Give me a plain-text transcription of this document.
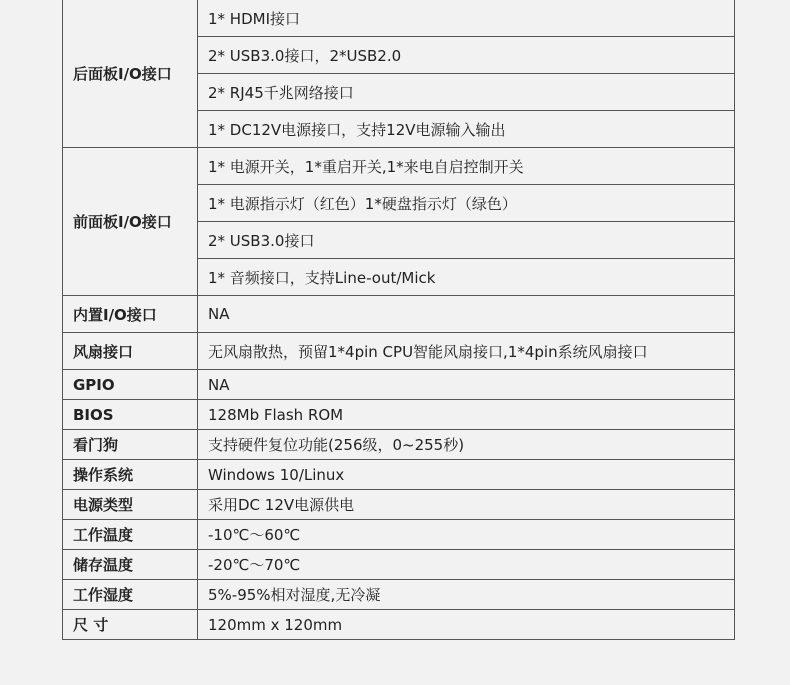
后面板I/O接口	1* HDMI接口
	2* USB3.0接口，2*USB2.0
	2* RJ45千兆网络接口
	1* DC12V电源接口，支持12V电源输入输出
前面板I/O接口	1* 电源开关，1*重启开关,1*来电自启控制开关
	1* 电源指示灯（红色）1*硬盘指示灯（绿色）
	2* USB3.0接口
	1* 音频接口，支持Line-out/Mick
内置I/O接口	NA
风扇接口	无风扇散热，预留1*4pin CPU智能风扇接口,1*4pin系统风扇接口
GPIO	NA
BIOS	128Mb Flash ROM
看门狗	支持硬件复位功能(256级，0~255秒)
操作系统	Windows 10/Linux
电源类型	采用DC 12V电源供电
工作温度	-10℃～60℃
储存温度	-20℃～70℃
工作湿度	5%-95%相对湿度,无冷凝
尺 寸	120mm x 120mm
